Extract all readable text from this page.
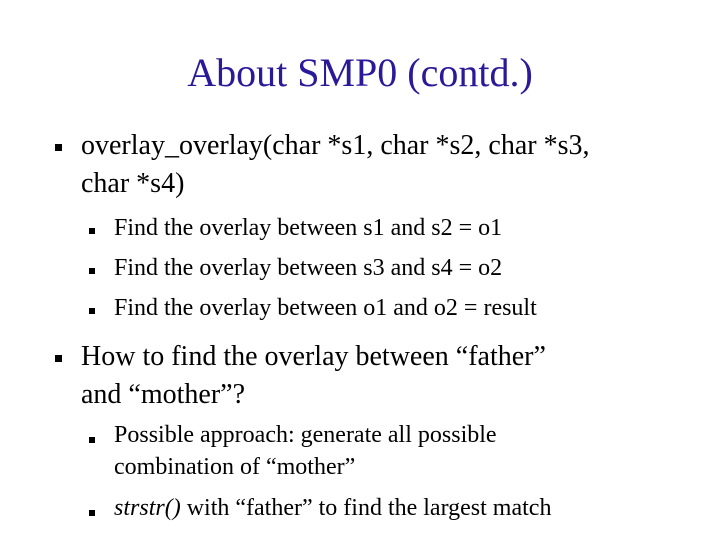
About SMP0 (contd.)
overlay_overlay(char *s1, char *s2, char *s3,
char *s4)
Find the overlay between s1 and s2 = o1
Find the overlay between s3 and s4 = o2
Find the overlay between o1 and o2 = result
How to find the overlay between “father”
and “mother”?
Possible approach: generate all possible
combination of “mother”
strstr() with “father” to find the largest match
